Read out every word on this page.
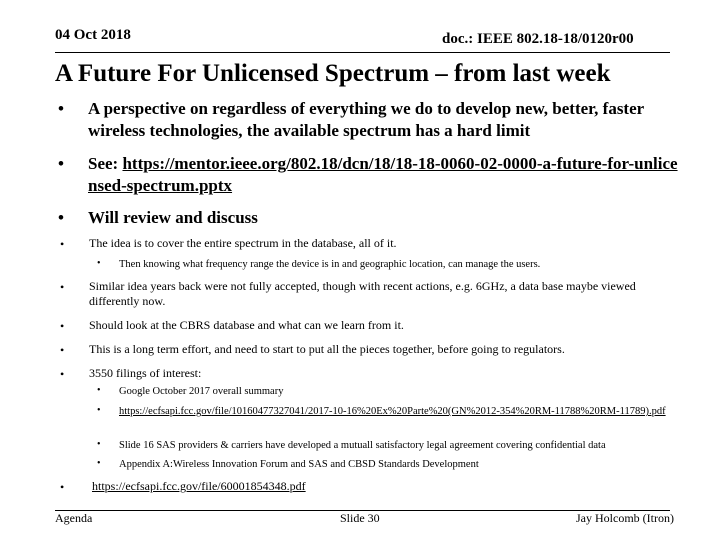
04 Oct 2018	doc.: IEEE 802.18-18/0120r00
A Future For Unlicensed Spectrum – from last week
• A perspective on regardless of everything we do to develop new, better, faster wireless technologies, the available spectrum has a hard limit
• See: https://mentor.ieee.org/802.18/dcn/18/18-18-0060-02-0000-a-future-for-unlicensed-spectrum.pptx
• Will review and discuss
• The idea is to cover the entire spectrum in the database, all of it.
• Then knowing what frequency range the device is in and geographic location, can manage the users.
• Similar idea years back were not fully accepted, though with recent actions, e.g. 6GHz, a data base maybe viewed differently now.
• Should look at the CBRS database and what can we learn from it.
• This is a long term effort, and need to start to put all the pieces together, before going to regulators.
• 3550 filings of interest:
• Google October 2017 overall summary
• https://ecfsapi.fcc.gov/file/10160477327041/2017-10-16%20Ex%20Parte%20(GN%2012-354%20RM-11788%20RM-11789).pdf
• Slide 16 SAS providers & carriers have developed a mutuall satisfactory legal agreement covering confidential data
• Appendix A:Wireless Innovation Forum and SAS and CBSD Standards Development
• https://ecfsapi.fcc.gov/file/60001854348.pdf
Agenda	Slide 30	Jay Holcomb (Itron)
